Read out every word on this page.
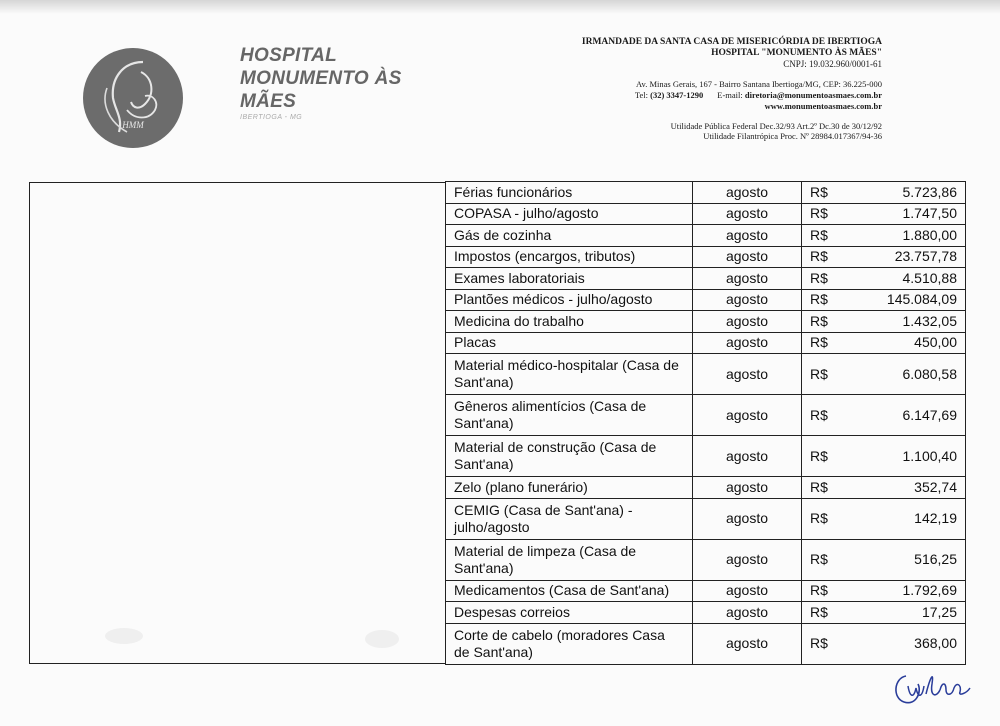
HMM
HOSPITAL
MONUMENTO ÀS
MÃES
IBERTIOGA - MG
IRMANDADE DA SANTA CASA DE MISERICÓRDIA DE IBERTIOGA
HOSPITAL "MONUMENTO ÀS MÃES"
CNPJ: 19.032.960/0001-61
Av. Minas Gerais, 167 - Bairro Santana Ibertioga/MG, CEP: 36.225-000
Tel: (32) 3347-1290 E-mail: diretoria@monumentoasmaes.com.br
www.monumentoasmaes.com.br
Utilidade Pública Federal Dec.32/93 Art.2º Dc.30 de 30/12/92
Utilidade Filantrópica Proc. Nº 28984.017367/94-36
Férias funcionários	agosto	R$	5.723,86
COPASA - julho/agosto	agosto	R$	1.747,50
Gás de cozinha	agosto	R$	1.880,00
Impostos (encargos, tributos)	agosto	R$	23.757,78
Exames laboratoriais	agosto	R$	4.510,88
Plantões médicos - julho/agosto	agosto	R$	145.084,09
Medicina do trabalho	agosto	R$	1.432,05
Placas	agosto	R$	450,00
Material médico-hospitalar (Casa de Sant'ana)	agosto	R$	6.080,58
Gêneros alimentícios (Casa de Sant'ana)	agosto	R$	6.147,69
Material de construção (Casa de Sant'ana)	agosto	R$	1.100,40
Zelo (plano funerário)	agosto	R$	352,74
CEMIG (Casa de Sant'ana) - julho/agosto	agosto	R$	142,19
Material de limpeza (Casa de Sant'ana)	agosto	R$	516,25
Medicamentos (Casa de Sant'ana)	agosto	R$	1.792,69
Despesas correios	agosto	R$	17,25
Corte de cabelo (moradores Casa de Sant'ana)	agosto	R$	368,00
